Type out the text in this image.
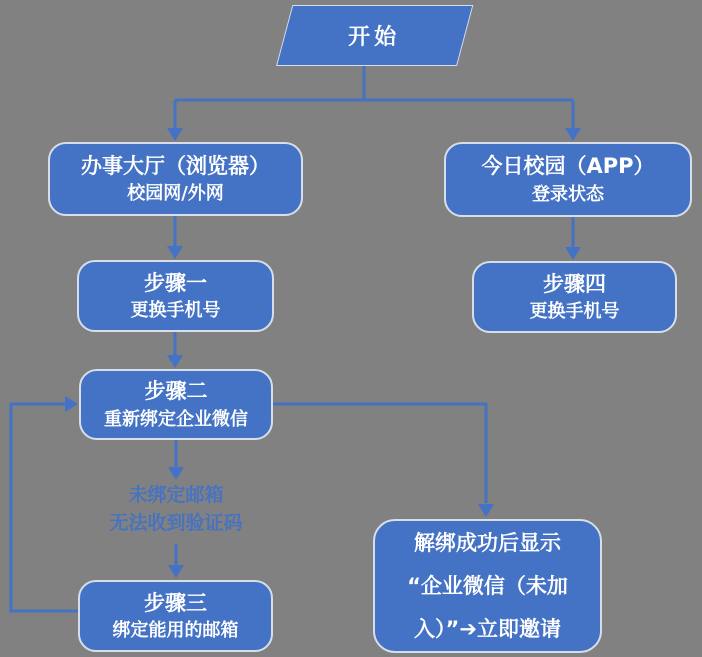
开始
办事大厅（浏览器）
校园网/外网
今日校园（APP）
登录状态
步骤一
更换手机号
步骤四
更换手机号
步骤二
重新绑定企业微信
未绑定邮箱
无法收到验证码
步骤三
绑定能用的邮箱
解绑成功后显示
“企业微信（未加
入）”➔立即邀请
